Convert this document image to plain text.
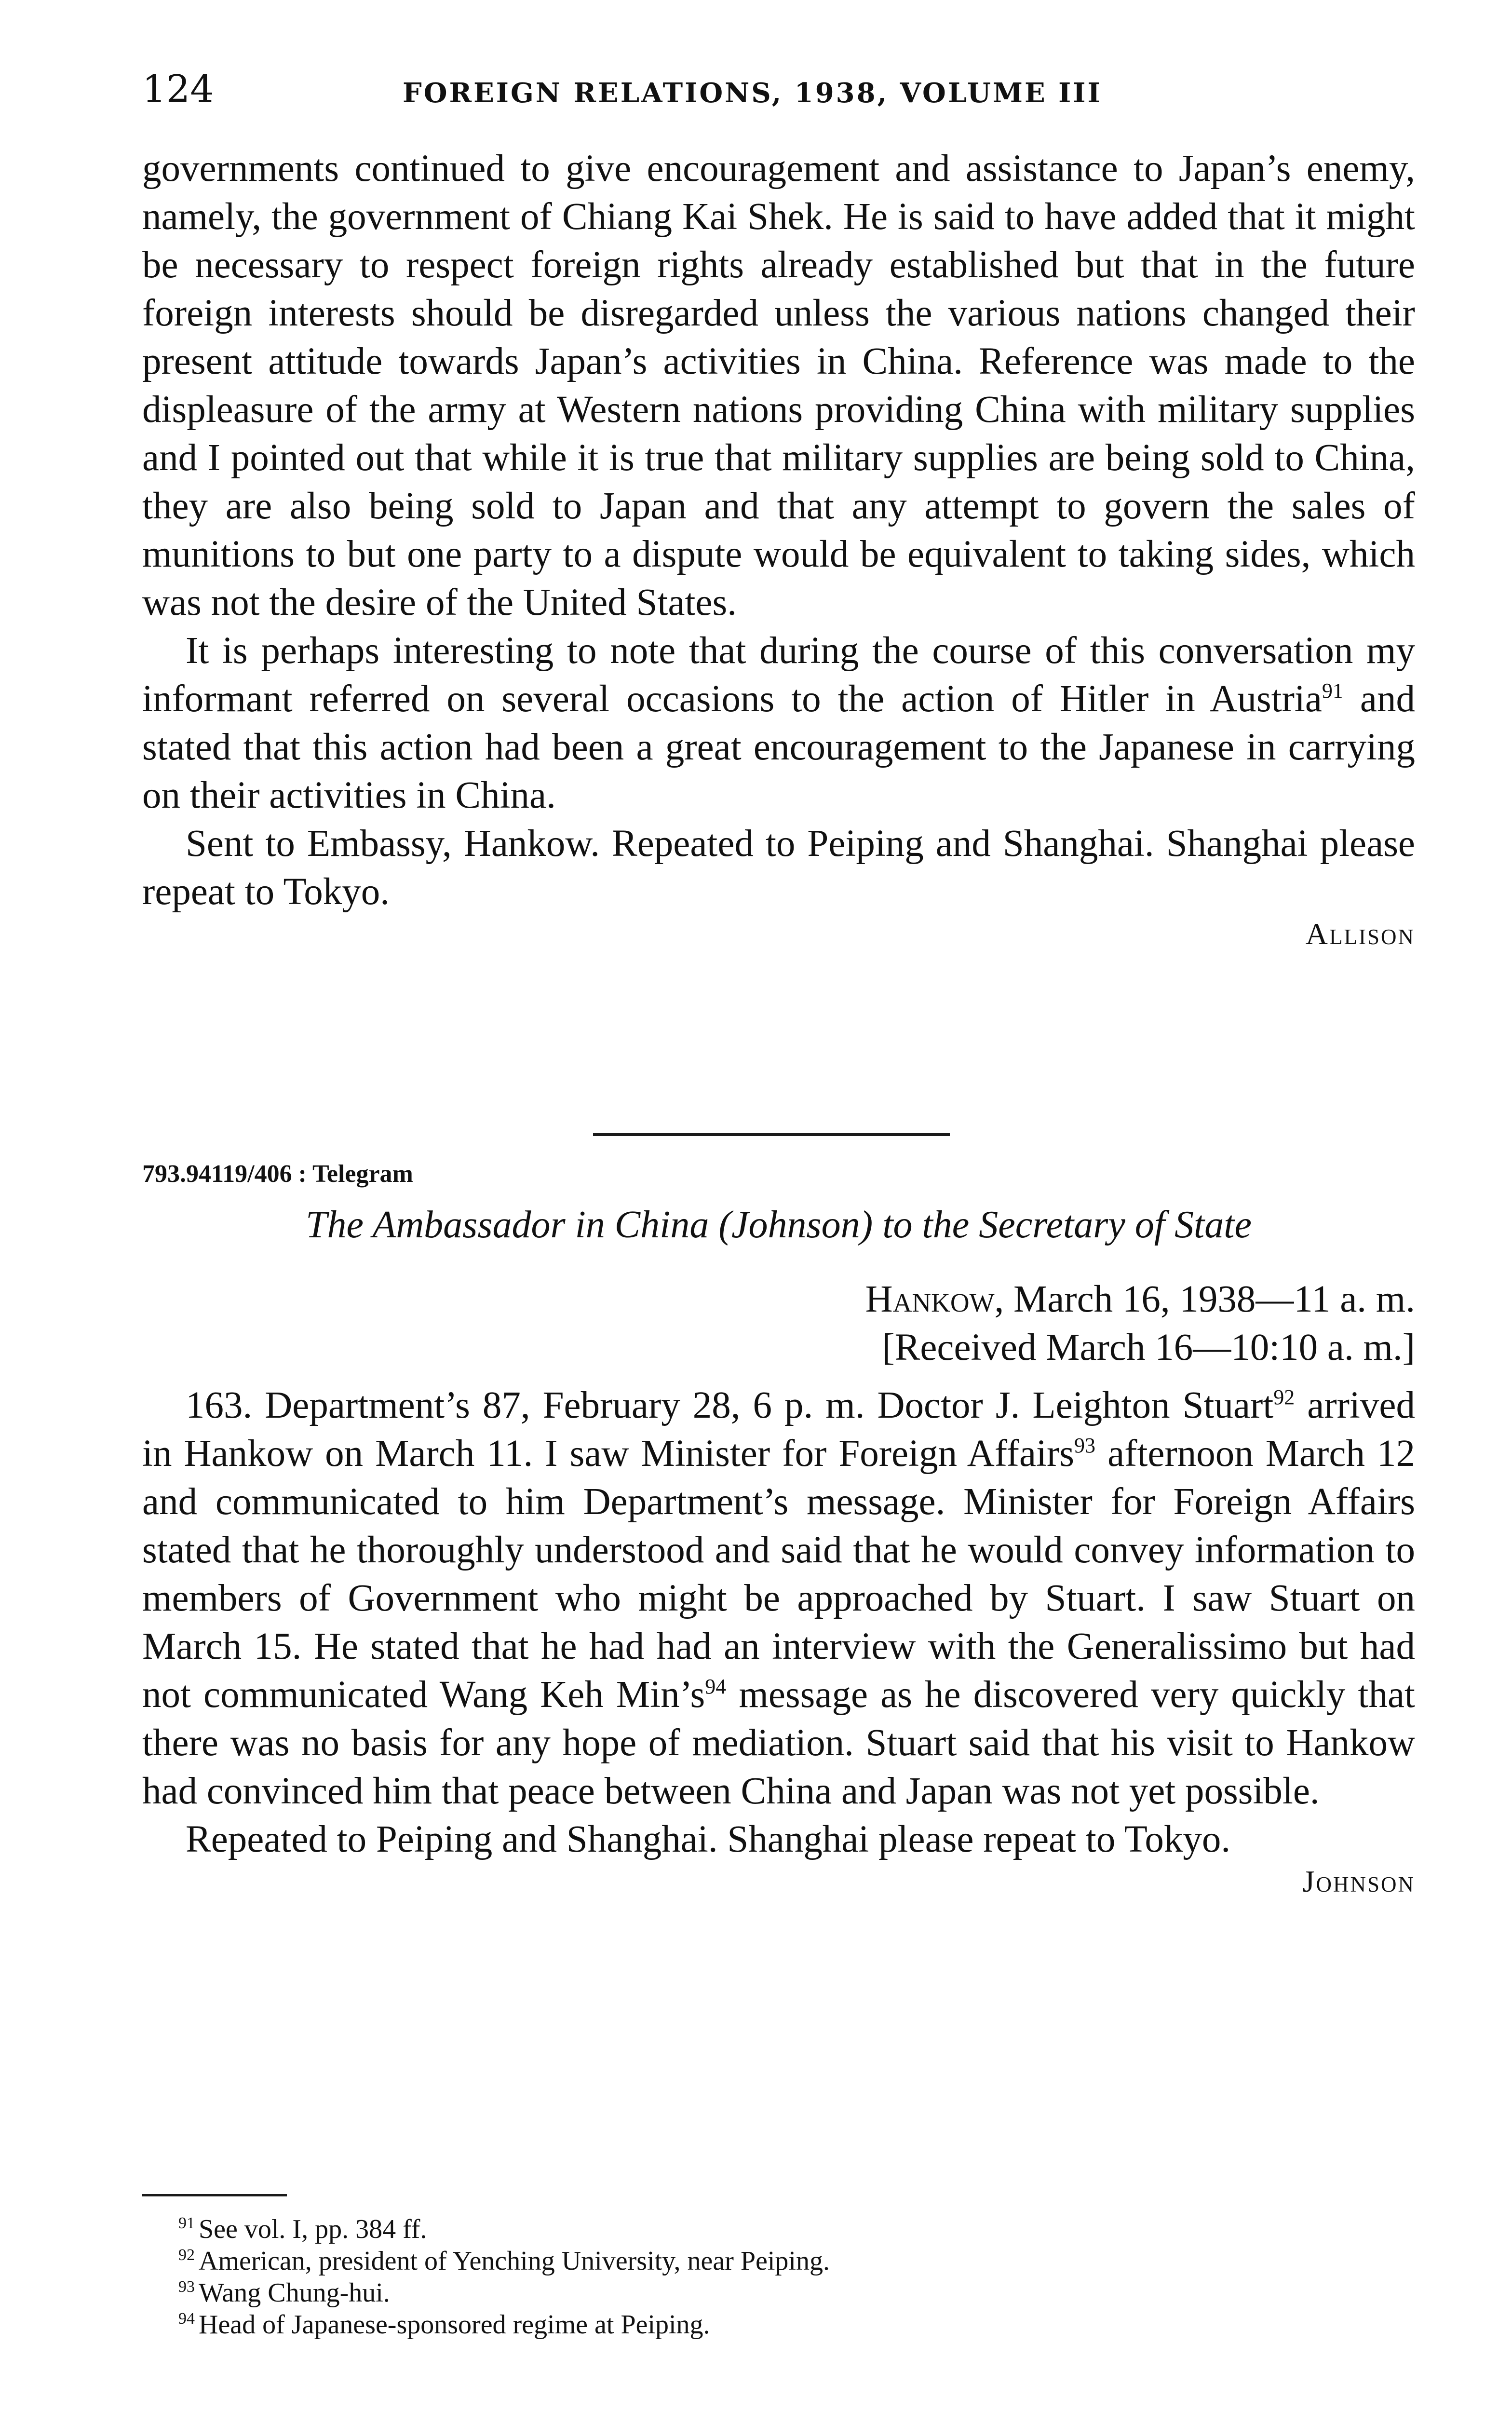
124	FOREIGN RELATIONS, 1938, VOLUME III

governments continued to give encouragement and assistance to Japan’s enemy, namely, the government of Chiang Kai Shek. He is said to have added that it might be necessary to respect foreign rights already established but that in the future foreign interests should be disregarded unless the various nations changed their present attitude towards Japan’s activities in China. Reference was made to the displeasure of the army at Western nations providing China with military supplies and I pointed out that while it is true that military supplies are being sold to China, they are also being sold to Japan and that any attempt to govern the sales of munitions to but one party to a dispute would be equivalent to taking sides, which was not the desire of the United States.

It is perhaps interesting to note that during the course of this conversation my informant referred on several occasions to the action of Hitler in Austria$^{91}$ and stated that this action had been a great encouragement to the Japanese in carrying on their activities in China.

Sent to Embassy, Hankow. Repeated to Peiping and Shanghai. Shanghai please repeat to Tokyo.

Allison
793.94119/406 : Telegram
The Ambassador in China (Johnson) to the Secretary of State
Hankow, March 16, 1938—11 a. m.
[Received March 16—10:10 a. m.]

163. Department’s 87, February 28, 6 p. m. Doctor J. Leighton Stuart$^{92}$ arrived in Hankow on March 11. I saw Minister for Foreign Affairs$^{93}$ afternoon March 12 and communicated to him Department’s message. Minister for Foreign Affairs stated that he thoroughly understood and said that he would convey information to members of Government who might be approached by Stuart. I saw Stuart on March 15. He stated that he had had an interview with the Generalissimo but had not communicated Wang Keh Min’s$^{94}$ message as he discovered very quickly that there was no basis for any hope of mediation. Stuart said that his visit to Hankow had convinced him that peace between China and Japan was not yet possible.

Repeated to Peiping and Shanghai. Shanghai please repeat to Tokyo.

Johnson
$^{91}$ See vol. I, pp. 384 ff.
$^{92}$ American, president of Yenching University, near Peiping.
$^{93}$ Wang Chung-hui.
$^{94}$ Head of Japanese-sponsored regime at Peiping.
